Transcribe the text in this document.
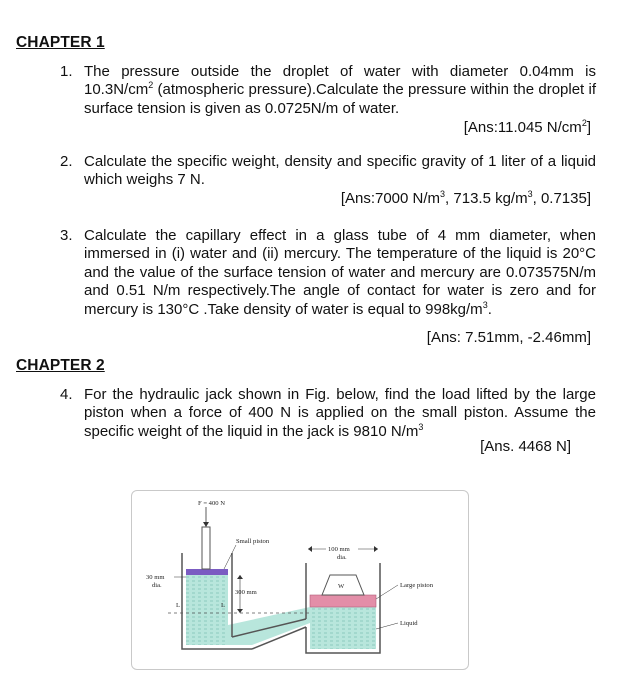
CHAPTER 1
1. The pressure outside the droplet of water with diameter 0.04mm is $10.3N/cm^2$ (atmospheric pressure).Calculate the pressure within the droplet if surface tension is given as 0.0725N/m of water.
[Ans:11.045 $N/cm^2$]
2. Calculate the specific weight, density and specific gravity of 1 liter of a liquid which weighs 7 N.
[Ans:7000 $N/m^3$, 713.5 $kg/m^3$, 0.7135]
3. Calculate the capillary effect in a glass tube of 4 mm diameter, when immersed in (i) water and (ii) mercury. The temperature of the liquid is 20°C and the value of the surface tension of water and mercury are 0.073575N/m and 0.51 N/m respectively.The angle of contact for water is zero and for mercury is 130°C .Take density of water is equal to $998kg/m^3$.
[Ans: 7.51mm, -2.46mm]
CHAPTER 2
4. For the hydraulic jack shown in Fig. below, find the load lifted by the large piston when a force of 400 N is applied on the small piston. Assume the specific weight of the liquid in the jack is 9810 $N/m^3$
[Ans. 4468 N]
F = 400 N
Small piston
300 mm
30 mm
dia.
100 mm
dia.
W	Large piston
Liquid
L	L
